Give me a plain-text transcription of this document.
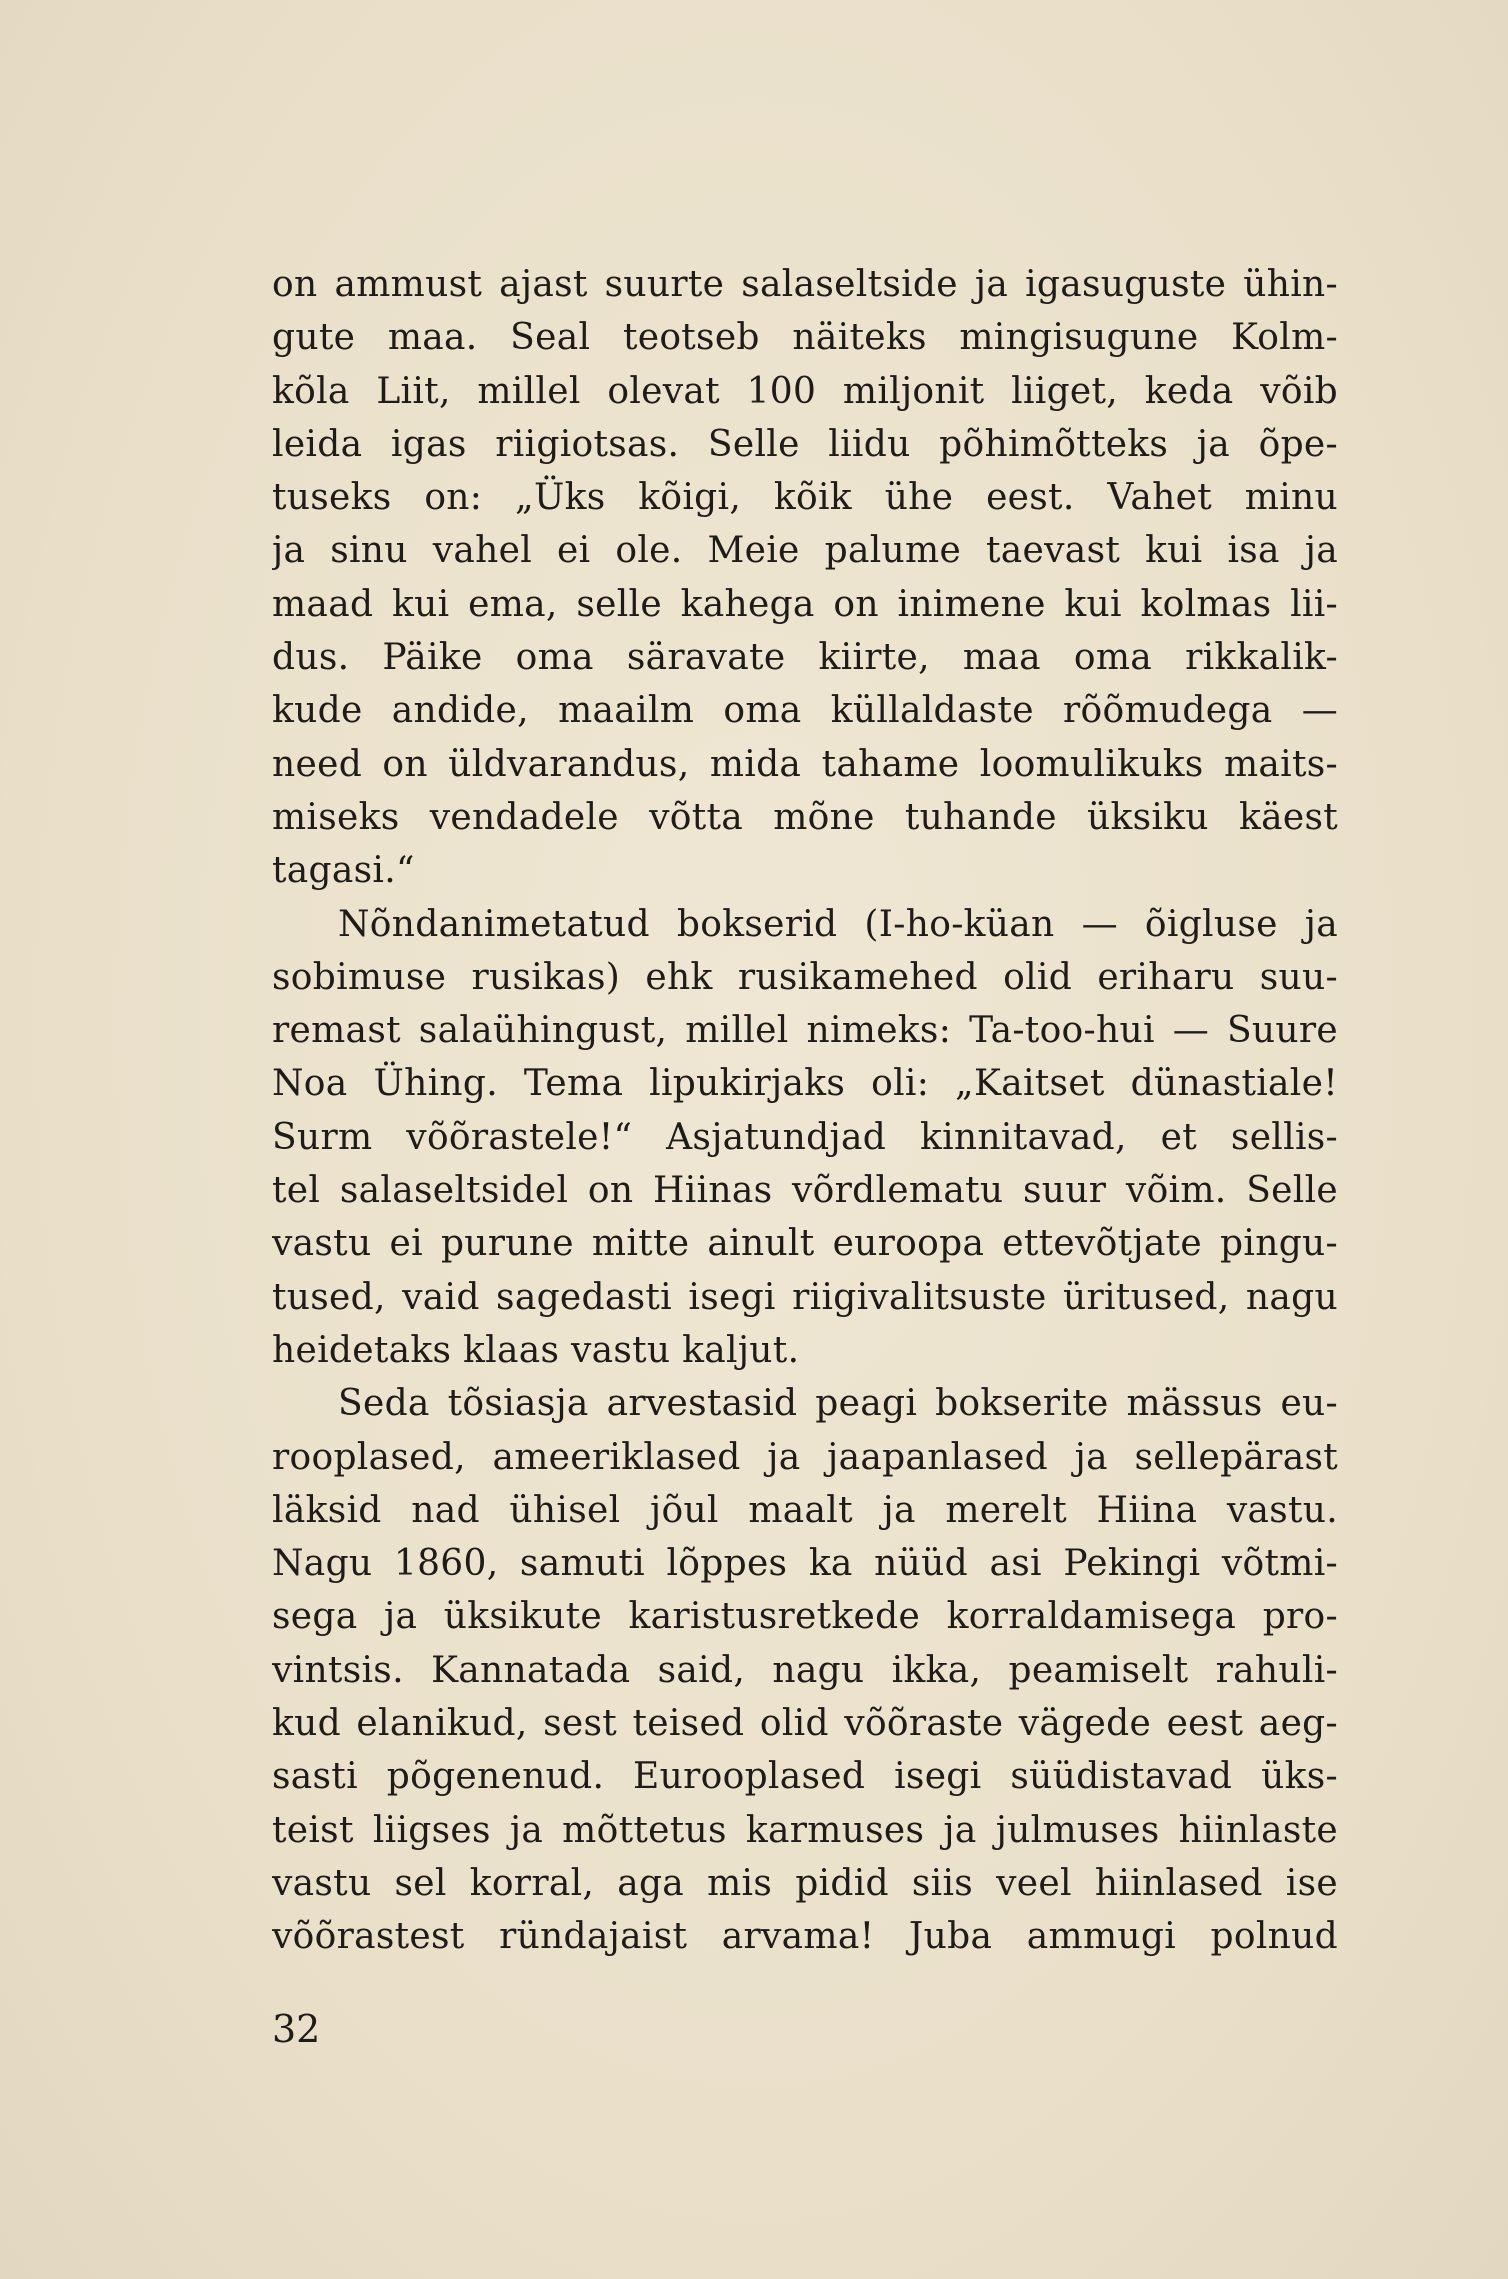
on ammust ajast suurte salaseltside ja igasuguste ühin-
gute maa. Seal teotseb näiteks mingisugune Kolm-
kõla Liit, millel olevat 100 miljonit liiget, keda võib
leida igas riigiotsas. Selle liidu põhimõtteks ja õpe-
tuseks on: „Üks kõigi, kõik ühe eest. Vahet minu
ja sinu vahel ei ole. Meie palume taevast kui isa ja
maad kui ema, selle kahega on inimene kui kolmas lii-
dus. Päike oma säravate kiirte, maa oma rikkalik-
kude andide, maailm oma küllaldaste rõõmudega —
need on üldvarandus, mida tahame loomulikuks maits-
miseks vendadele võtta mõne tuhande üksiku käest
tagasi.“
Nõndanimetatud bokserid (I-ho-küan — õigluse ja
sobimuse rusikas) ehk rusikamehed olid eriharu suu-
remast salaühingust, millel nimeks: Ta-too-hui — Suure
Noa Ühing. Tema lipukirjaks oli: „Kaitset dünastiale!
Surm võõrastele!“ Asjatundjad kinnitavad, et sellis-
tel salaseltsidel on Hiinas võrdlematu suur võim. Selle
vastu ei purune mitte ainult euroopa ettevõtjate pingu-
tused, vaid sagedasti isegi riigivalitsuste üritused, nagu
heidetaks klaas vastu kaljut.
Seda tõsiasja arvestasid peagi bokserite mässus eu-
rooplased, ameeriklased ja jaapanlased ja sellepärast
läksid nad ühisel jõul maalt ja merelt Hiina vastu.
Nagu 1860, samuti lõppes ka nüüd asi Pekingi võtmi-
sega ja üksikute karistusretkede korraldamisega pro-
vintsis. Kannatada said, nagu ikka, peamiselt rahuli-
kud elanikud, sest teised olid võõraste vägede eest aeg-
sasti põgenenud. Eurooplased isegi süüdistavad üks-
teist liigses ja mõttetus karmuses ja julmuses hiinlaste
vastu sel korral, aga mis pidid siis veel hiinlased ise
võõrastest ründajaist arvama! Juba ammugi polnud
32
